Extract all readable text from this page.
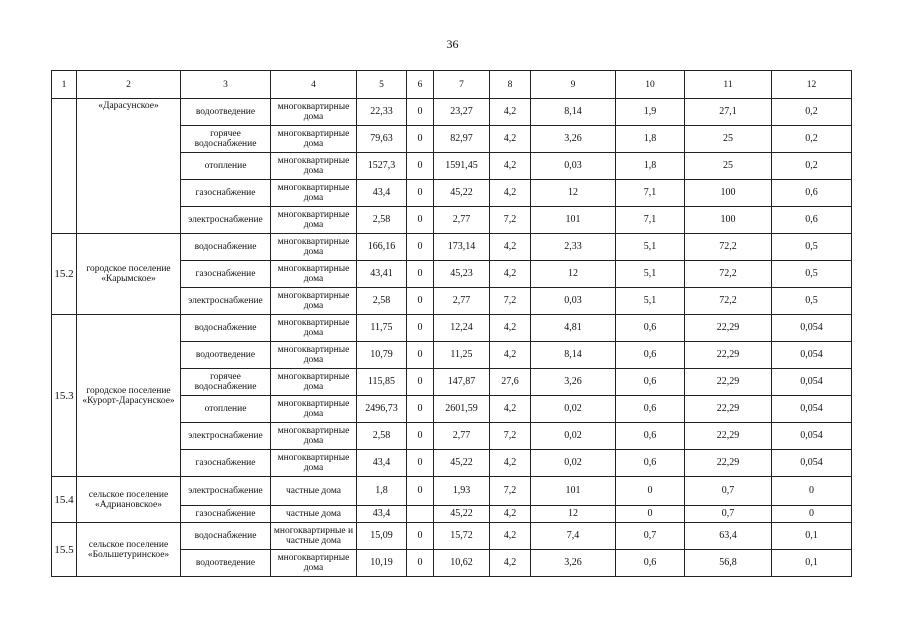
36
1	2	3	4	5	6	7	8	9	10	11	12
	«Дарасунское»	водоотведение	многоквартирные дома	22,33	0	23,27	4,2	8,14	1,9	27,1	0,2
		горячее водоснабжение	многоквартирные дома	79,63	0	82,97	4,2	3,26	1,8	25	0,2
		отопление	многоквартирные дома	1527,3	0	1591,45	4,2	0,03	1,8	25	0,2
		газоснабжение	многоквартирные дома	43,4	0	45,22	4,2	12	7,1	100	0,6
		электроснабжение	многоквартирные дома	2,58	0	2,77	7,2	101	7,1	100	0,6
15.2	городское поселение «Карымское»	водоснабжение	многоквартирные дома	166,16	0	173,14	4,2	2,33	5,1	72,2	0,5
		газоснабжение	многоквартирные дома	43,41	0	45,23	4,2	12	5,1	72,2	0,5
		электроснабжение	многоквартирные дома	2,58	0	2,77	7,2	0,03	5,1	72,2	0,5
15.3	городское поселение «Курорт-Дарасунское»	водоснабжение	многоквартирные дома	11,75	0	12,24	4,2	4,81	0,6	22,29	0,054
		водоотведение	многоквартирные дома	10,79	0	11,25	4,2	8,14	0,6	22,29	0,054
		горячее водоснабжение	многоквартирные дома	115,85	0	147,87	27,6	3,26	0,6	22,29	0,054
		отопление	многоквартирные дома	2496,73	0	2601,59	4,2	0,02	0,6	22,29	0,054
		электроснабжение	многоквартирные дома	2,58	0	2,77	7,2	0,02	0,6	22,29	0,054
		газоснабжение	многоквартирные дома	43,4	0	45,22	4,2	0,02	0,6	22,29	0,054
15.4	сельское поселение «Адриановское»	электроснабжение	частные дома	1,8	0	1,93	7,2	101	0	0,7	0
		газоснабжение	частные дома	43,4		45,22	4,2	12	0	0,7	0
15.5	сельское поселение «Большетуринское»	водоснабжение	многоквартирные и частные дома	15,09	0	15,72	4,2	7,4	0,7	63,4	0,1
		водоотведение	многоквартирные дома	10,19	0	10,62	4,2	3,26	0,6	56,8	0,1
